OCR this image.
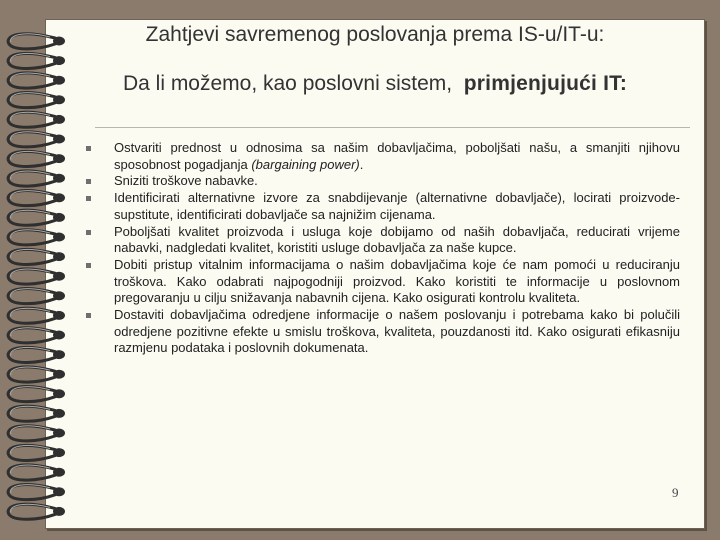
Zahtjevi savremenog poslovanja prema IS-u/IT-u:
Da li možemo, kao poslovni sistem, primjenjujući IT:
Ostvariti prednost u odnosima sa našim dobavljačima, poboljšati našu, a smanjiti njihovu sposobnost pogadjanja (bargaining power).
Sniziti troškove nabavke.
Identificirati alternativne izvore za snabdijevanje (alternativne dobavljače), locirati proizvode-supstitute, identificirati dobavljače sa najnižim cijenama.
Poboljšati kvalitet proizvoda i usluga koje dobijamo od naših dobavljača, reducirati vrijeme nabavki, nadgledati kvalitet, koristiti usluge dobavljača za naše kupce.
Dobiti pristup vitalnim informacijama o našim dobavljačima koje će nam pomoći u reduciranju troškova. Kako odabrati najpogodniji proizvod. Kako koristiti te informacije u poslovnom pregovaranju u cilju snižavanja nabavnih cijena. Kako osigurati kontrolu kvaliteta.
Dostaviti dobavljačima odredjene informacije o našem poslovanju i potrebama kako bi polučili odredjene pozitivne efekte u smislu troškova, kvaliteta, pouzdanosti itd. Kako osigurati efikasniju razmjenu podataka i poslovnih dokumenata.
9
